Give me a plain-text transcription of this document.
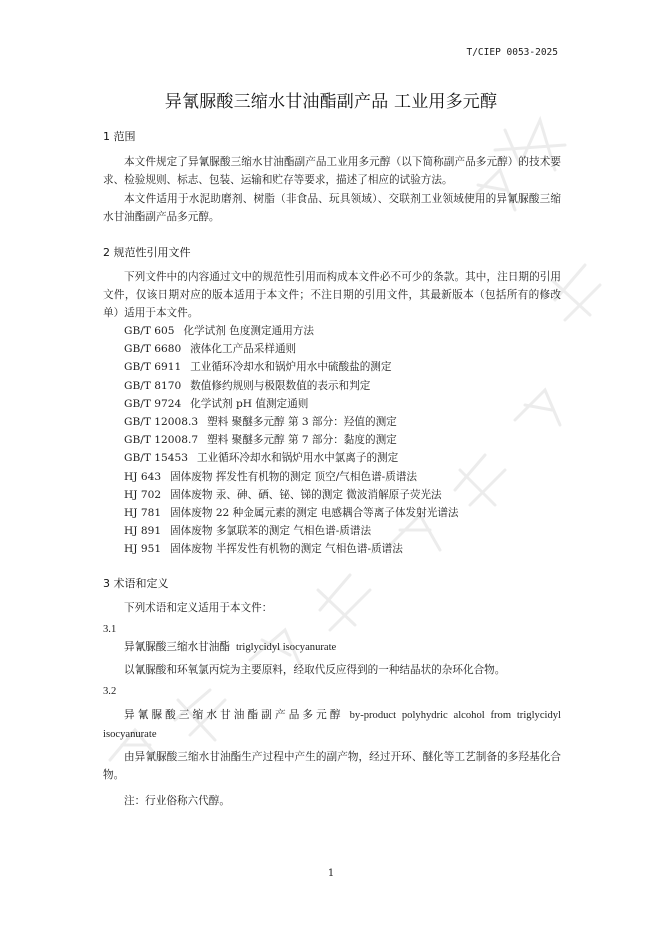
T/CIEP 0053-2025
异氰脲酸三缩水甘油酯副产品 工业用多元醇
1 范围

本文件规定了异氰脲酸三缩水甘油酯副产品工业用多元醇（以下简称副产品多元醇）的技术要求、检验规则、标志、包装、运输和贮存等要求，描述了相应的试验方法。

本文件适用于水泥助磨剂、树脂（非食品、玩具领域）、交联剂工业领域使用的异氰脲酸三缩水甘油酯副产品多元醇。

2 规范性引用文件

下列文件中的内容通过文中的规范性引用而构成本文件必不可少的条款。其中，注日期的引用文件，仅该日期对应的版本适用于本文件；不注日期的引用文件，其最新版本（包括所有的修改单）适用于本文件。

GB/T 605 化学试剂 色度测定通用方法
GB/T 6680 液体化工产品采样通则
GB/T 6911 工业循环冷却水和锅炉用水中硫酸盐的测定
GB/T 8170 数值修约规则与极限数值的表示和判定
GB/T 9724 化学试剂 pH 值测定通则
GB/T 12008.3 塑料 聚醚多元醇 第 3 部分：羟值的测定
GB/T 12008.7 塑料 聚醚多元醇 第 7 部分：黏度的测定
GB/T 15453 工业循环冷却水和锅炉用水中氯离子的测定
HJ 643 固体废物 挥发性有机物的测定 顶空/气相色谱-质谱法
HJ 702 固体废物 汞、砷、硒、铋、锑的测定 微波消解原子荧光法
HJ 781 固体废物 22 种金属元素的测定 电感耦合等离子体发射光谱法
HJ 891 固体废物 多氯联苯的测定 气相色谱-质谱法
HJ 951 固体废物 半挥发性有机物的测定 气相色谱-质谱法
3 术语和定义

下列术语和定义适用于本文件：

3.1
异氰脲酸三缩水甘油酯 triglycidyl isocyanurate

以氰脲酸和环氧氯丙烷为主要原料，经取代反应得到的一种结晶状的杂环化合物。

3.2
异氰脲酸三缩水甘油酯副产品多元醇 by-product polyhydric alcohol from triglycidyl
isocyanurate

由异氰脲酸三缩水甘油酯生产过程中产生的副产物，经过开环、醚化等工艺制备的多羟基化合物。

注：行业俗称六代醇。

1
